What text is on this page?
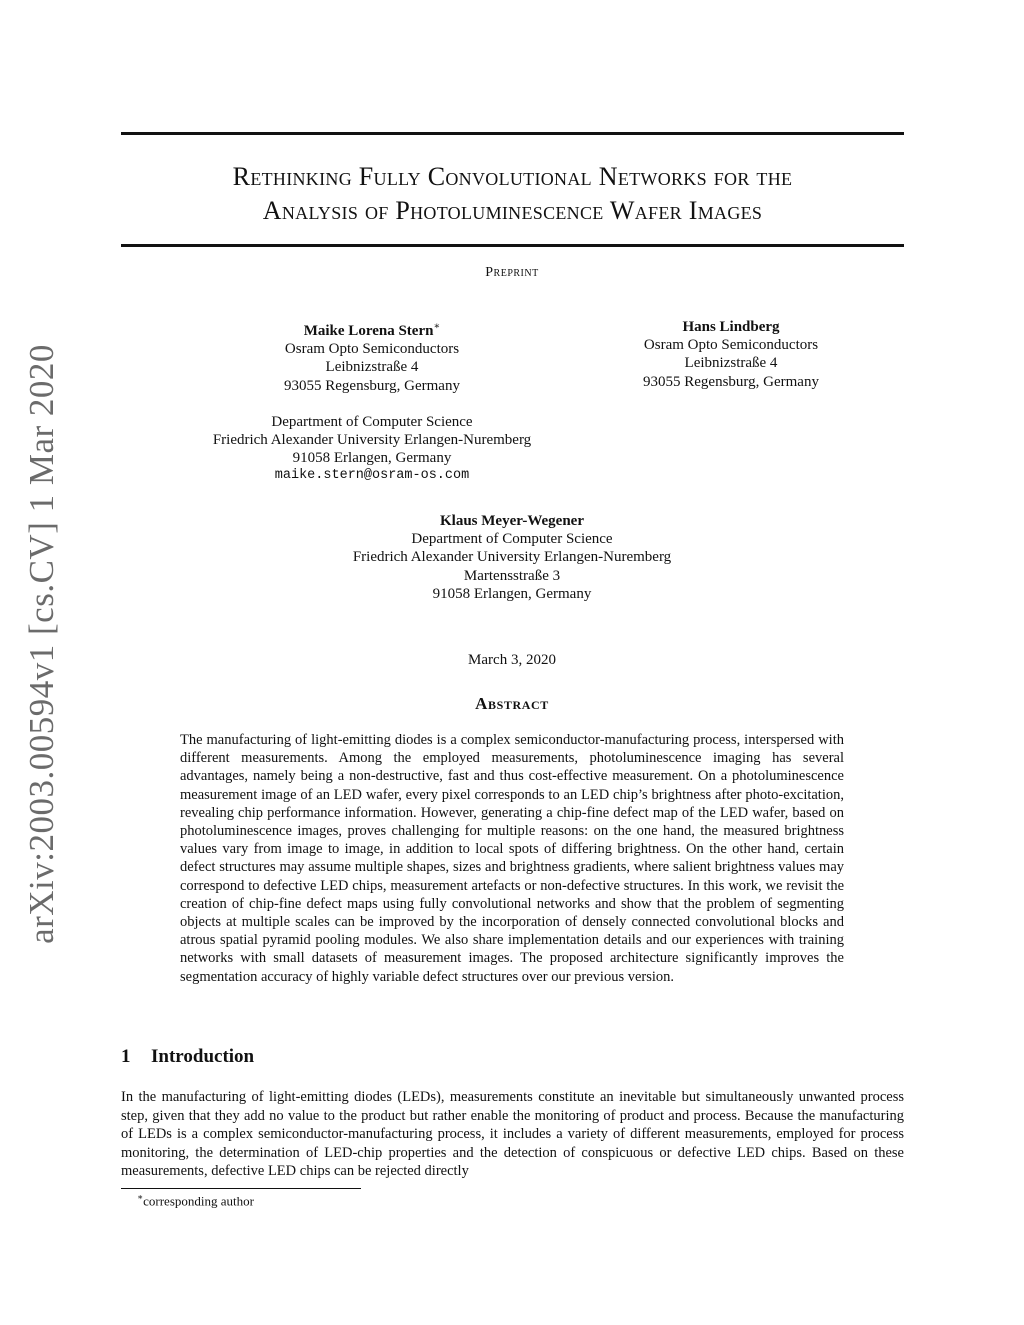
arXiv:2003.00594v1 [cs.CV] 1 Mar 2020
Rethinking Fully Convolutional Networks for the
Analysis of Photoluminescence Wafer Images
Preprint
Maike Lorena Stern∗
Osram Opto Semiconductors
Leibnizstraße 4
93055 Regensburg, Germany
Department of Computer Science
Friedrich Alexander University Erlangen-Nuremberg
91058 Erlangen, Germany
maike.stern@osram-os.com
Hans Lindberg
Osram Opto Semiconductors
Leibnizstraße 4
93055 Regensburg, Germany
Klaus Meyer-Wegener
Department of Computer Science
Friedrich Alexander University Erlangen-Nuremberg
Martensstraße 3
91058 Erlangen, Germany
March 3, 2020
Abstract
The manufacturing of light-emitting diodes is a complex semiconductor-manufacturing process, interspersed with different measurements. Among the employed measurements, photoluminescence imaging has several advantages, namely being a non-destructive, fast and thus cost-effective measurement. On a photoluminescence measurement image of an LED wafer, every pixel corresponds to an LED chip’s brightness after photo-excitation, revealing chip performance information. However, generating a chip-fine defect map of the LED wafer, based on photoluminescence images, proves challenging for multiple reasons: on the one hand, the measured brightness values vary from image to image, in addition to local spots of differing brightness. On the other hand, certain defect structures may assume multiple shapes, sizes and brightness gradients, where salient brightness values may correspond to defective LED chips, measurement artefacts or non-defective structures. In this work, we revisit the creation of chip-fine defect maps using fully convolutional networks and show that the problem of segmenting objects at multiple scales can be improved by the incorporation of densely connected convolutional blocks and atrous spatial pyramid pooling modules. We also share implementation details and our experiences with training networks with small datasets of measurement images. The proposed architecture significantly improves the segmentation accuracy of highly variable defect structures over our previous version.
1 Introduction
In the manufacturing of light-emitting diodes (LEDs), measurements constitute an inevitable but simultaneously unwanted process step, given that they add no value to the product but rather enable the monitoring of product and process. Because the manufacturing of LEDs is a complex semiconductor-manufacturing process, it includes a variety of different measurements, employed for process monitoring, the determination of LED-chip properties and the detection of conspicuous or defective LED chips. Based on these measurements, defective LED chips can be rejected directly
∗corresponding author
